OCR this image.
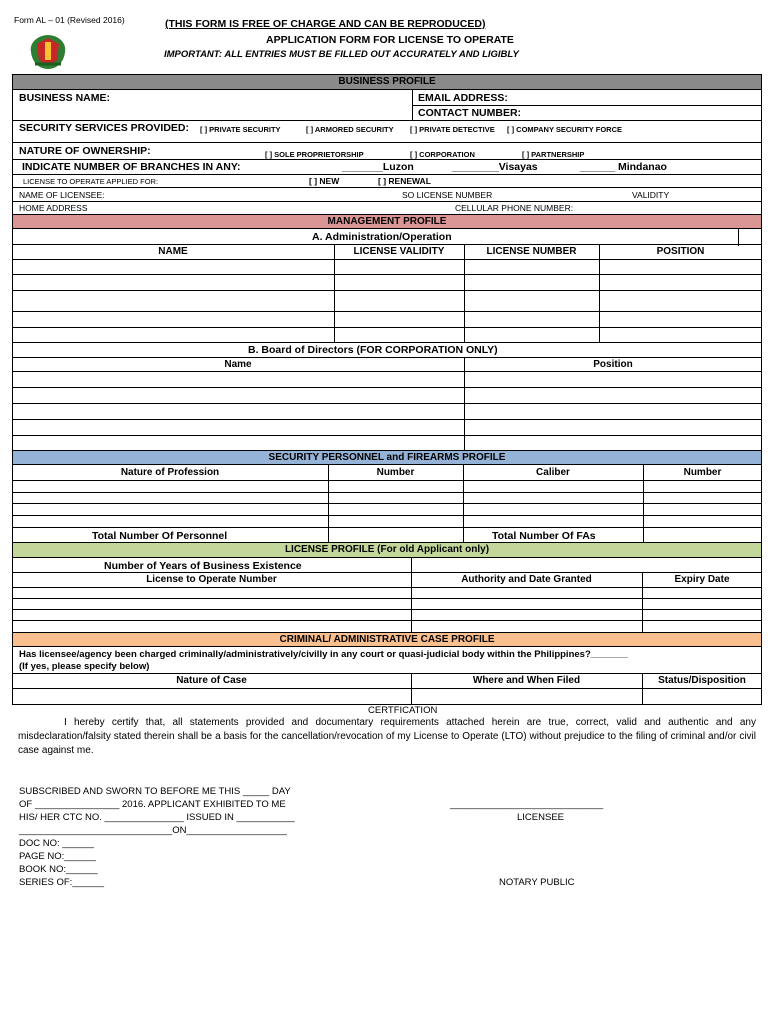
Form AL – 01 (Revised 2016)	(THIS FORM IS FREE OF CHARGE AND CAN BE REPRODUCED)
APPLICATION FORM FOR LICENSE TO OPERATE
IMPORTANT: ALL ENTRIES MUST BE FILLED OUT ACCURATELY AND LIGIBLY
BUSINESS PROFILE
BUSINESS NAME:	EMAIL ADDRESS:
CONTACT NUMBER:
SECURITY SERVICES PROVIDED: [ ] PRIVATE SECURITY	[ ] ARMORED SECURITY [ ] PRIVATE DETECTIVE [ ] COMPANY SECURITY FORCE
NATURE OF OWNERSHIP:	[ ] SOLE PROPRIETORSHIP	[ ] CORPORATION	[ ] PARTNERSHIP
INDICATE NUMBER OF BRANCHES IN ANY:	_______Luzon	________Visayas	______ Mindanao
LICENSE TO OPERATE APPLIED FOR:	[ ] NEW	[ ] RENEWAL
NAME OF LICENSEE:	SO LICENSE NUMBER	VALIDITY
HOME ADDRESS	CELLULAR PHONE NUMBER:
MANAGEMENT PROFILE
A. Administration/Operation
NAME	LICENSE VALIDITY	LICENSE NUMBER	POSITION
B. Board of Directors (FOR CORPORATION ONLY)
Name	Position
SECURITY PERSONNEL and FIREARMS PROFILE
Nature of Profession	Number	Caliber	Number
Total Number Of Personnel	Total Number Of FAs
LICENSE PROFILE (For old Applicant only)
Number of Years of Business Existence
License to Operate Number	Authority and Date Granted	Expiry Date
CRIMINAL/ ADMINISTRATIVE CASE PROFILE
Has licensee/agency been charged criminally/administratively/civilly in any court or quasi-judicial body within the Philippines?_______
(If yes, please specify below)
Nature of Case	Where and When Filed	Status/Disposition
CERTFICATION
I hereby certify that, all statements provided and documentary requirements attached herein are true, correct, valid and authentic and any misdeclaration/falsity stated therein shall be a basis for the cancellation/revocation of my License to Operate (LTO) without prejudice to the filing of criminal and/or civil case against me.
SUBSCRIBED AND SWORN TO BEFORE ME THIS _____ DAY
OF ________________ 2016. APPLICANT EXHIBITED TO ME
HIS/ HER CTC NO. _______________ ISSUED IN ___________
_____________________________ON___________________
DOC NO: ______
PAGE NO:______
BOOK NO:______
SERIES OF:______
_____________________________
LICENSEE
NOTARY PUBLIC
